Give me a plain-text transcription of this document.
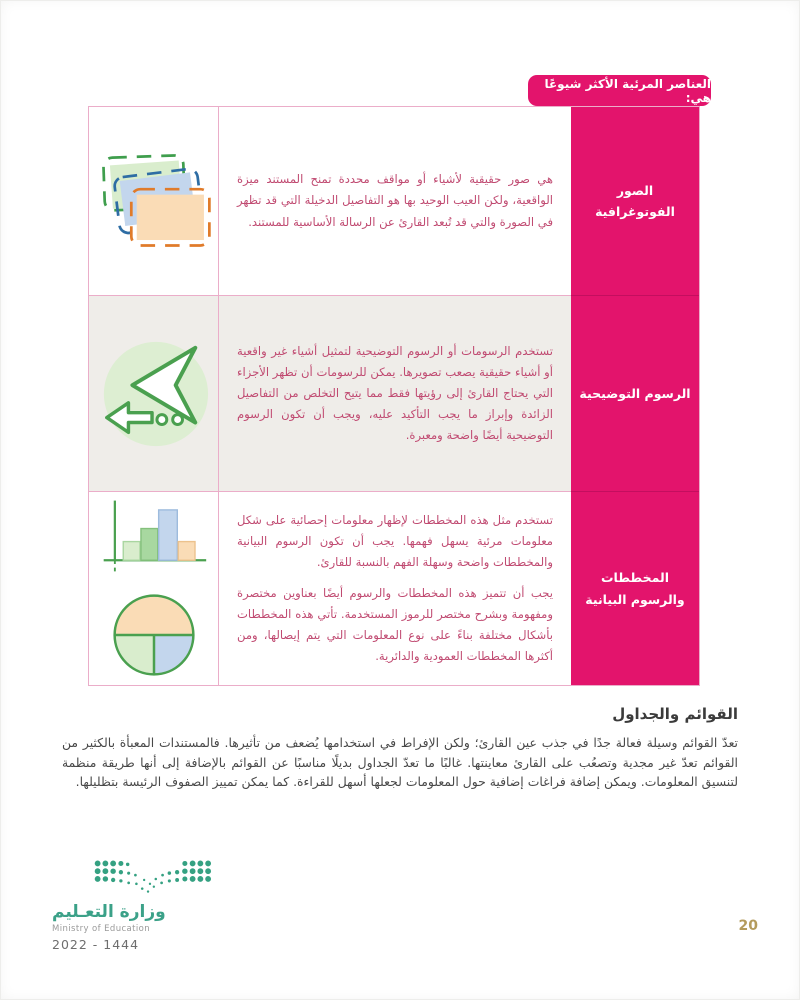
العناصر المرئية الأكثر شيوعًا هي:

هي صور حقيقية لأشياء أو مواقف محددة تمنح المستند ميزة الواقعية، ولكن العيب الوحيد بها هو التفاصيل الدخيلة التي قد تظهر في الصورة والتي قد تُبعد القارئ عن الرسالة الأساسية للمستند.

الصور الفوتوغرافية

تستخدم الرسومات أو الرسوم التوضيحية لتمثيل أشياء غير واقعية أو أشياء حقيقية يصعب تصويرها. يمكن للرسومات أن تظهر الأجزاء التي يحتاج القارئ إلى رؤيتها فقط مما يتيح التخلص من التفاصيل الزائدة وإبراز ما يجب التأكيد عليه، ويجب أن تكون الرسوم التوضيحية أيضًا واضحة ومعبرة.

الرسوم التوضيحية

تستخدم مثل هذه المخططات لإظهار معلومات إحصائية على شكل معلومات مرئية يسهل فهمها. يجب أن تكون الرسوم البيانية والمخططات واضحة وسهلة الفهم بالنسبة للقارئ.

يجب أن تتميز هذه المخططات والرسوم أيضًا بعناوين مختصرة ومفهومة وبشرح مختصر للرموز المستخدمة. تأتي هذه المخططات بأشكال مختلفة بناءً على نوع المعلومات التي يتم إيصالها، ومن أكثرها المخططات العمودية والدائرية.

المخططات والرسوم البيانية
القوائم والجداول

تعدّ القوائم وسيلة فعالة جدًا في جذب عين القارئ؛ ولكن الإفراط في استخدامها يُضعف من تأثيرها. فالمستندات المعبأة بالكثير من القوائم تعدّ غير مجدية وتصعُب على القارئ معاينتها. غالبًا ما تعدّ الجداول بديلًا مناسبًا عن القوائم بالإضافة إلى أنها طريقة منظمة لتنسيق المعلومات. ويمكن إضافة فراغات إضافية حول المعلومات لجعلها أسهل للقراءة. كما يمكن تمييز الصفوف الرئيسة بتظليلها.

وزارة التعـليم
Ministry of Education
2022 - 1444
20
